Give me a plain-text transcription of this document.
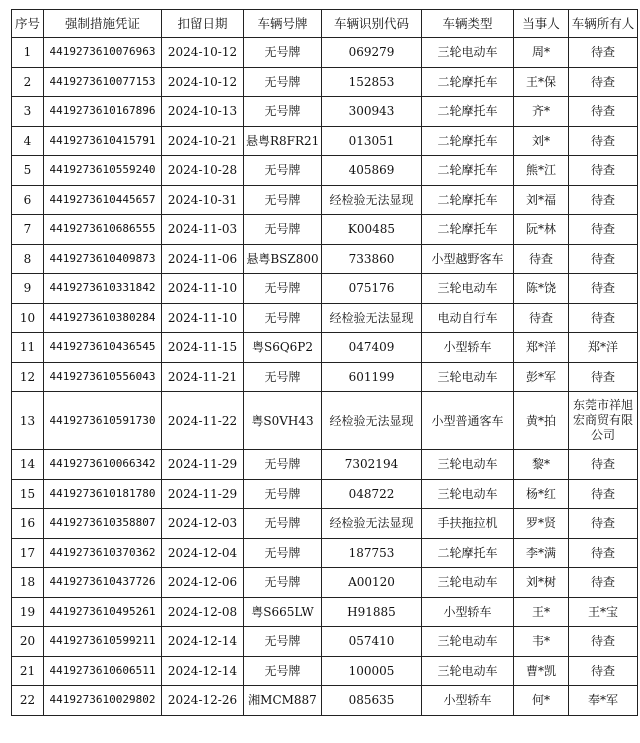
序号	强制措施凭证	扣留日期	车辆号牌	车辆识别代码	车辆类型	当事人	车辆所有人
1	4419273610076963	2024-10-12	无号牌	069279	三轮电动车	周*	待查
2	4419273610077153	2024-10-12	无号牌	152853	二轮摩托车	王*保	待查
3	4419273610167896	2024-10-13	无号牌	300943	二轮摩托车	齐*	待查
4	4419273610415791	2024-10-21	悬粤R8FR21	013051	二轮摩托车	刘*	待查
5	4419273610559240	2024-10-28	无号牌	405869	二轮摩托车	熊*江	待查
6	4419273610445657	2024-10-31	无号牌	经检验无法显现	二轮摩托车	刘*福	待查
7	4419273610686555	2024-11-03	无号牌	K00485	二轮摩托车	阮*林	待查
8	4419273610409873	2024-11-06	悬粤BSZ800	733860	小型越野客车	待查	待查
9	4419273610331842	2024-11-10	无号牌	075176	三轮电动车	陈*饶	待查
10	4419273610380284	2024-11-10	无号牌	经检验无法显现	电动自行车	待查	待查
11	4419273610436545	2024-11-15	粤S6Q6P2	047409	小型轿车	郑*洋	郑*洋
12	4419273610556043	2024-11-21	无号牌	601199	三轮电动车	彭*军	待查
13	4419273610591730	2024-11-22	粤S0VH43	经检验无法显现	小型普通客车	黄*拍	东莞市祥旭宏商贸有限公司
14	4419273610066342	2024-11-29	无号牌	7302194	三轮电动车	黎*	待查
15	4419273610181780	2024-11-29	无号牌	048722	三轮电动车	杨*红	待查
16	4419273610358807	2024-12-03	无号牌	经检验无法显现	手扶拖拉机	罗*贤	待查
17	4419273610370362	2024-12-04	无号牌	187753	二轮摩托车	李*满	待查
18	4419273610437726	2024-12-06	无号牌	A00120	三轮电动车	刘*树	待查
19	4419273610495261	2024-12-08	粤S665LW	H91885	小型轿车	王*	王*宝
20	4419273610599211	2024-12-14	无号牌	057410	三轮电动车	韦*	待查
21	4419273610606511	2024-12-14	无号牌	100005	三轮电动车	曹*凯	待查
22	4419273610029802	2024-12-26	湘MCM887	085635	小型轿车	何*	奉*军
